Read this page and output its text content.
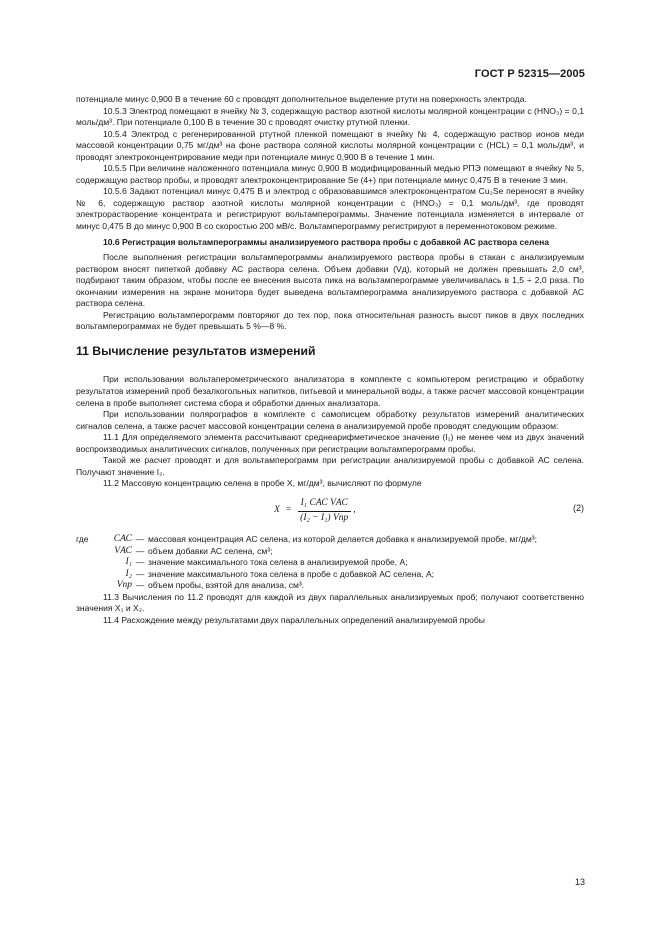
ГОСТ Р 52315—2005

потенциале минус 0,900 В в течение 60 с проводят дополнительное выделение ртути на поверхность электрода.

10.5.3 Электрод помещают в ячейку № 3, содержащую раствор азотной кислоты молярной концентрации c (HNO₃) = 0,1 моль/дм³. При потенциале 0,100 В в течение 30 с проводят очистку ртутной пленки.

10.5.4 Электрод с регенерированной ртутной пленкой помещают в ячейку № 4, содержащую раствор ионов меди массовой концентрации 0,75 мг/дм³ на фоне раствора соляной кислоты молярной концентрации c (HCL) = 0,1 моль/дм³, и проводят электроконцентрирование меди при потенциале минус 0,900 В в течение 1 мин.

10.5.5 При величине наложенного потенциала минус 0,900 В модифицированный медью РПЭ помещают в ячейку № 5, содержащую раствор пробы, и проводят электроконцентрирование Se (4+) при потенциале минус 0,475 В в течение 3 мин.

10.5.6 Задают потенциал минус 0,475 В и электрод с образовавшимся электроконцентратом Cu₂Se переносят в ячейку № 6, содержащую раствор азотной кислоты молярной концентрации c (HNO₃) = 0,1 моль/дм³, где проводят электрорастворение концентрата и регистрируют вольтамперограммы. Значение потенциала изменяется в интервале от минус 0,475 В до минус 0,900 В со скоростью 200 мВ/с. Вольтамперограмму регистрируют в переменнотоковом режиме.

10.6 Регистрация вольтамперограммы анализируемого раствора пробы с добавкой АС раствора селена

После выполнения регистрации вольтамперограммы анализируемого раствора пробы в стакан с анализируемым раствором вносят пипеткой добавку АС раствора селена. Объем добавки (Vд), который не должен превышать 2,0 см³, подбирают таким образом, чтобы после ее внесения высота пика на вольтамперограмме увеличивалась в 1,5 ÷ 2,0 раза. По окончании измерения на экране монитора будет выведена вольтамперограмма анализируемого раствора с добавкой АС раствора селена.

Регистрацию вольтамперограмм повторяют до тех пор, пока относительная разность высот пиков в двух последних вольтамперограммах не будет превышать 5 %—8 %.

11 Вычисление результатов измерений

При использовании вольтаперометрического анализатора в комплекте с компьютером регистрацию и обработку результатов измерений проб безалкогольных напитков, питьевой и минеральной воды, а также расчет массовой концентрации селена в пробе выполняет система сбора и обработки данных анализатора.

При использовании полярографов в комплекте с самописцем обработку результатов измерений аналитических сигналов селена, а также расчет массовой концентрации селена в анализируемой пробе проводят следующим образом:

11.1 Для определяемого элемента рассчитывают среднеарифметическое значение (I₁) не менее чем из двух значений воспроизводимых аналитических сигналов, полученных при регистрации вольтамперограмм пробы.

Такой же расчет проводят и для вольтамперограмм при регистрации анализируемой пробы с добавкой АС селена. Получают значение I₂.

11.2 Массовую концентрацию селена в пробе X, мг/дм³, вычисляют по формуле

$X = \frac{\text{I₁ CАС VАС}}{\text{(I₂ − I₁) Vпр}}$ ,	(2)
где	CАС — массовая концентрация АС селена, из которой делается добавка к анализируемой пробе, мг/дм³;
VАС — объем добавки АС селена, см³;
I₁ — значение максимального тока селена в анализируемой пробе, А;
I₂ — значение максимального тока селена в пробе с добавкой АС селена, А;
Vпр — объем пробы, взятой для анализа, см³.

11.3 Вычисления по 11.2 проводят для каждой из двух параллельных анализируемых проб; получают соответственно значения X₁ и X₂.

11.4 Расхождение между результатами двух параллельных определений анализируемой пробы

13
